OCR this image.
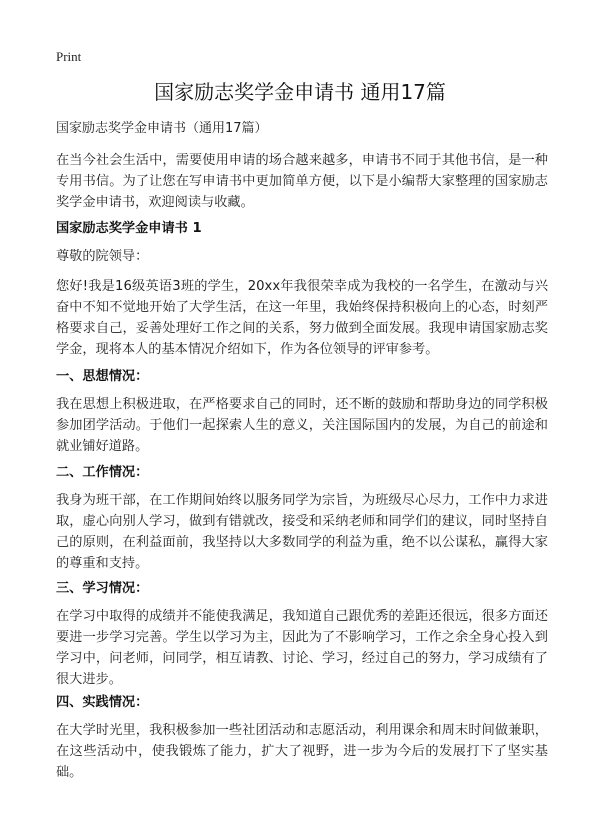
Print
国家励志奖学金申请书 通用17篇
国家励志奖学金申请书（通用17篇）

在当今社会生活中，需要使用申请的场合越来越多，申请书不同于其他书信，是一种专用书信。为了让您在写申请书中更加简单方便，以下是小编帮大家整理的国家励志奖学金申请书，欢迎阅读与收藏。

国家励志奖学金申请书 1

尊敬的院领导：

您好!我是16级英语3班的学生，20xx年我很荣幸成为我校的一名学生，在激动与兴奋中不知不觉地开始了大学生活，在这一年里，我始终保持积极向上的心态，时刻严格要求自己，妥善处理好工作之间的关系，努力做到全面发展。我现申请国家励志奖学金，现将本人的基本情况介绍如下，作为各位领导的评审参考。

一、思想情况：

我在思想上积极进取，在严格要求自己的同时，还不断的鼓励和帮助身边的同学积极参加团学活动。于他们一起探索人生的意义，关注国际国内的发展，为自己的前途和就业铺好道路。

二、工作情况：

我身为班干部，在工作期间始终以服务同学为宗旨，为班级尽心尽力，工作中力求进取，虚心向别人学习，做到有错就改，接受和采纳老师和同学们的建议，同时坚持自己的原则，在利益面前，我坚持以大多数同学的利益为重，绝不以公谋私，赢得大家的尊重和支持。

三、学习情况：

在学习中取得的成绩并不能使我满足，我知道自己跟优秀的差距还很远，很多方面还要进一步学习完善。学生以学习为主，因此为了不影响学习，工作之余全身心投入到学习中，问老师，问同学，相互请教、讨论、学习，经过自己的努力，学习成绩有了很大进步。

四、实践情况：

在大学时光里，我积极参加一些社团活动和志愿活动，利用课余和周末时间做兼职，在这些活动中，使我锻炼了能力，扩大了视野，进一步为今后的发展打下了坚实基础。
